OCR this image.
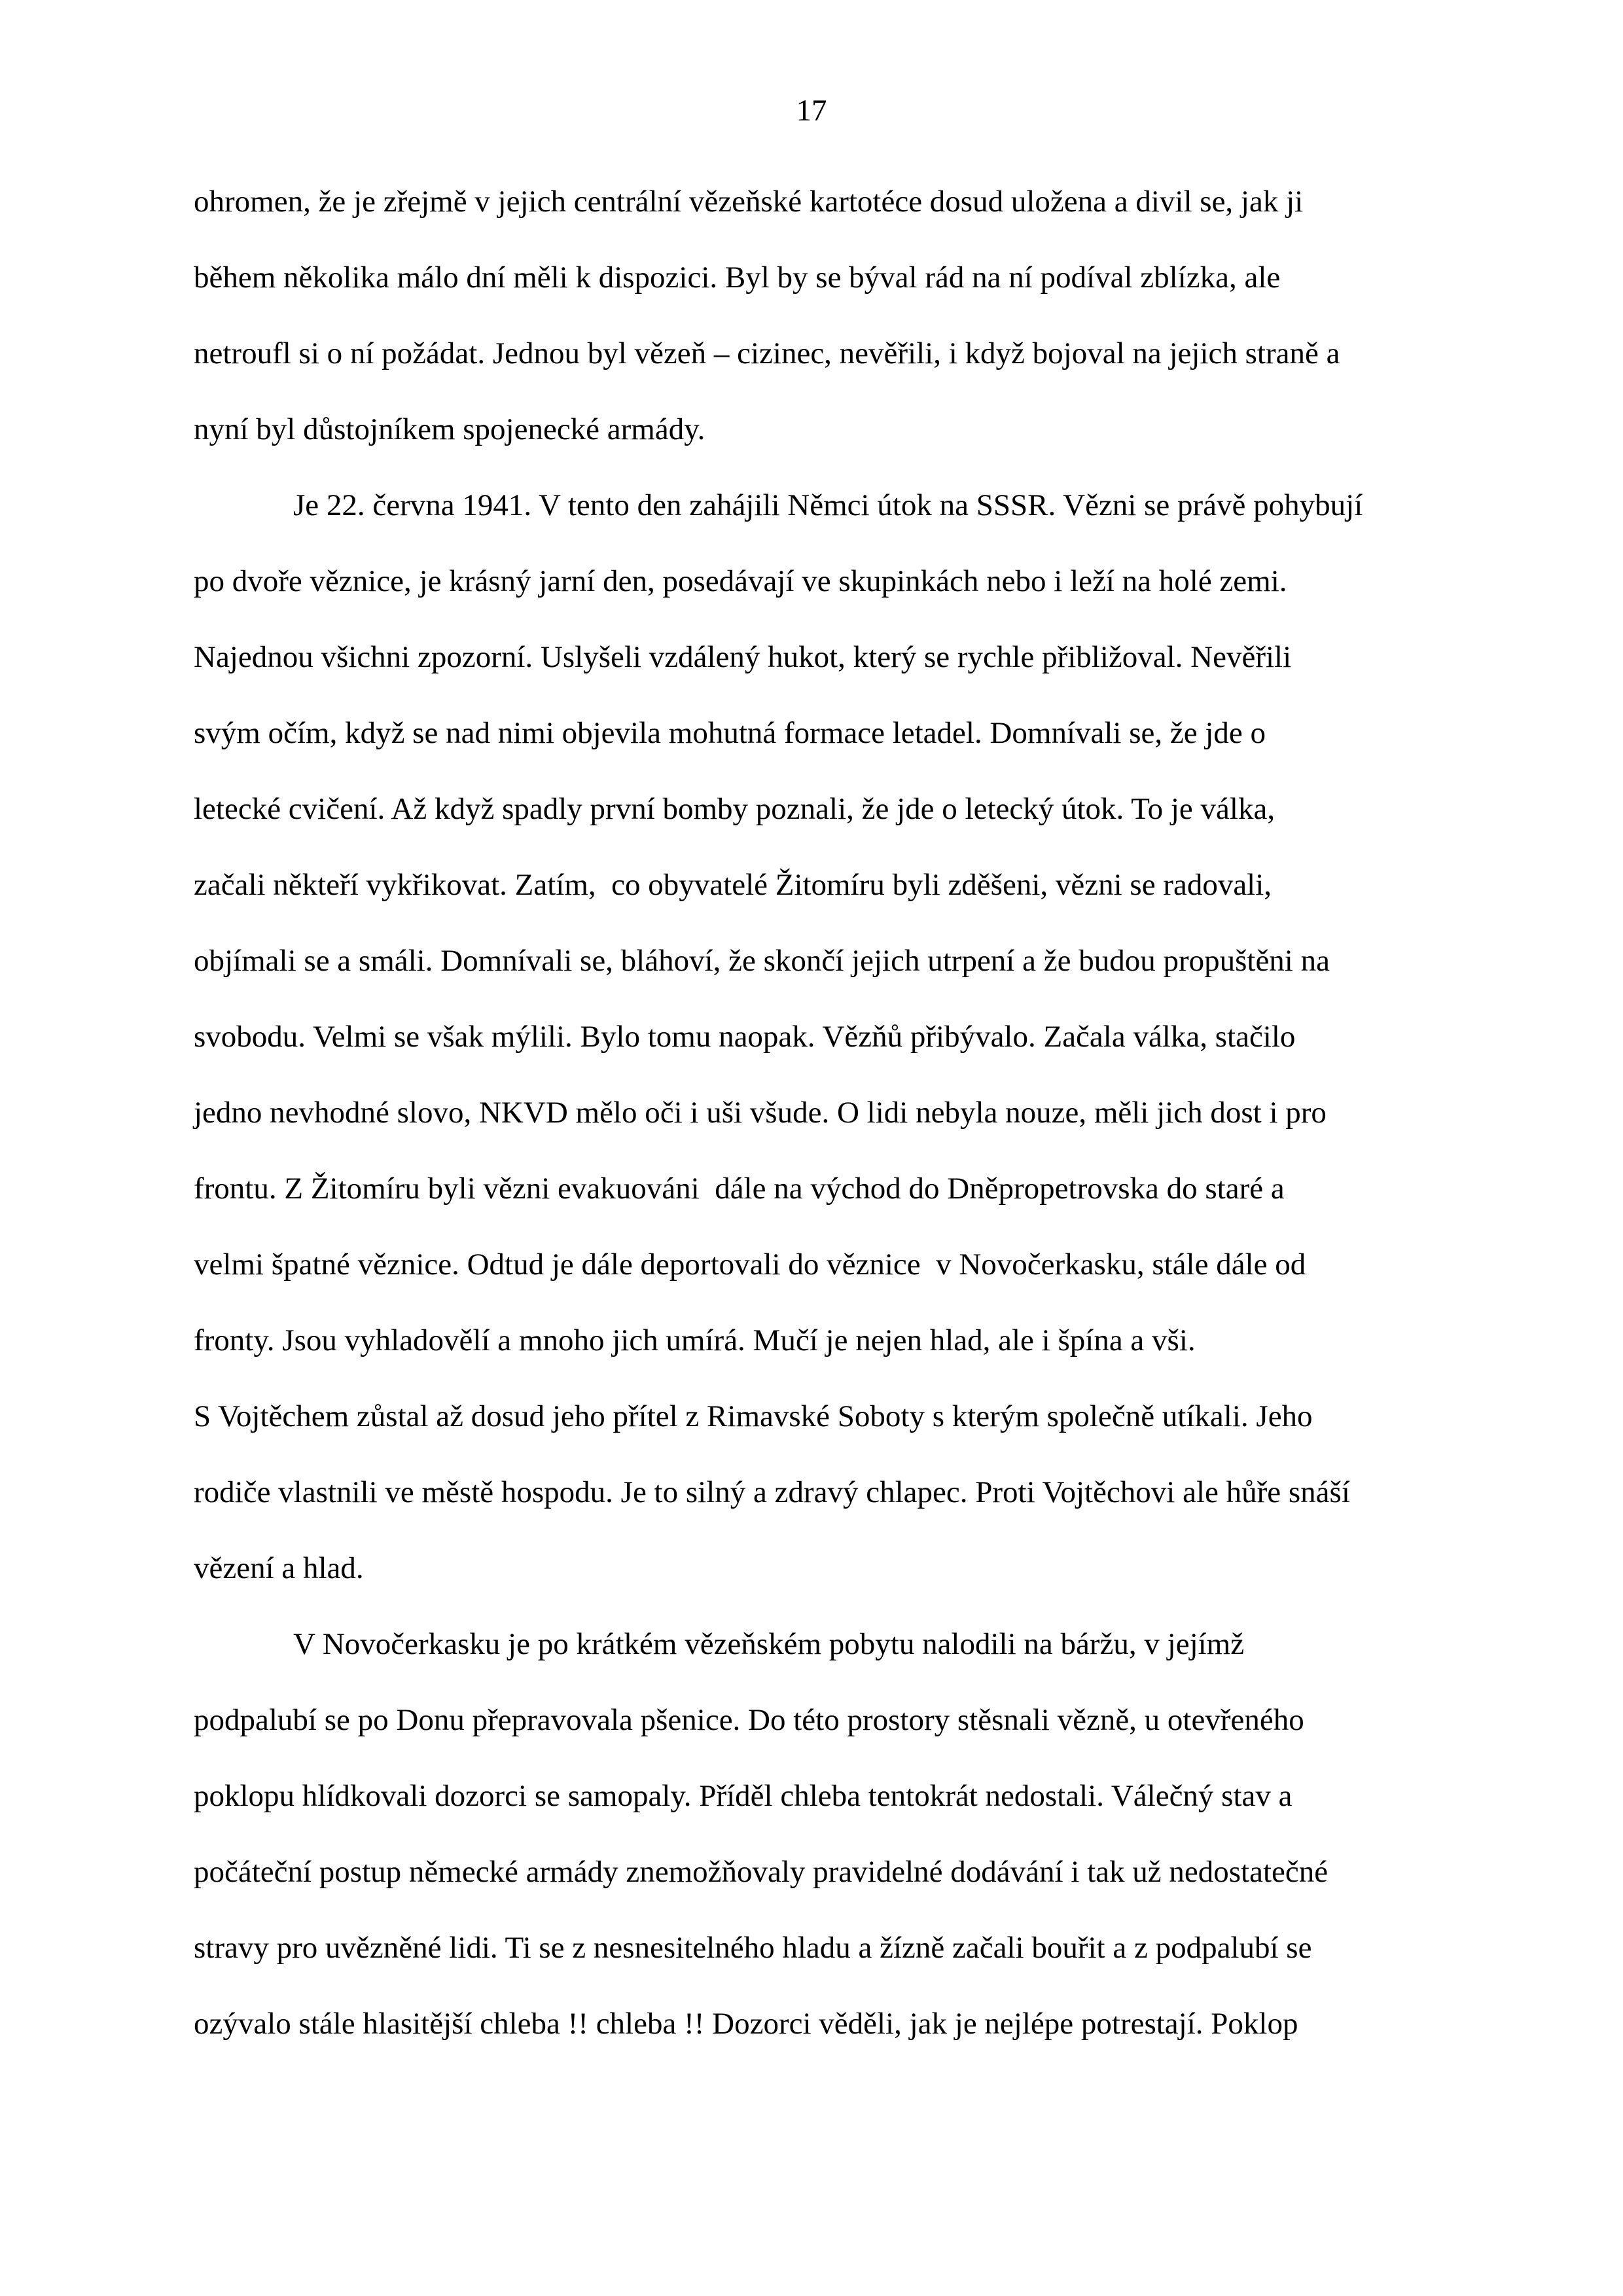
17
ohromen, že je zřejmě v jejich centrální vězeňské kartotéce dosud uložena a divil se, jak ji
během několika málo dní měli k dispozici. Byl by se býval rád na ní podíval zblízka, ale
netroufl si o ní požádat. Jednou byl vězeň – cizinec, nevěřili, i když bojoval na jejich straně a
nyní byl důstojníkem spojenecké armády.
Je 22. června 1941. V tento den zahájili Němci útok na SSSR. Vězni se právě pohybují
po dvoře věznice, je krásný jarní den, posedávají ve skupinkách nebo i leží na holé zemi.
Najednou všichni zpozorní. Uslyšeli vzdálený hukot, který se rychle přibližoval. Nevěřili
svým očím, když se nad nimi objevila mohutná formace letadel. Domnívali se, že jde o
letecké cvičení. Až když spadly první bomby poznali, že jde o letecký útok. To je válka,
začali někteří vykřikovat. Zatím,  co obyvatelé Žitomíru byli zděšeni, vězni se radovali,
objímali se a smáli. Domnívali se, bláhoví, že skončí jejich utrpení a že budou propuštěni na
svobodu. Velmi se však mýlili. Bylo tomu naopak. Vězňů přibývalo. Začala válka, stačilo
jedno nevhodné slovo, NKVD mělo oči i uši všude. O lidi nebyla nouze, měli jich dost i pro
frontu. Z Žitomíru byli vězni evakuováni  dále na východ do Dněpropetrovska do staré a
velmi špatné věznice. Odtud je dále deportovali do věznice  v Novočerkasku, stále dále od
fronty. Jsou vyhladovělí a mnoho jich umírá. Mučí je nejen hlad, ale i špína a vši.
S Vojtěchem zůstal až dosud jeho přítel z Rimavské Soboty s kterým společně utíkali. Jeho
rodiče vlastnili ve městě hospodu. Je to silný a zdravý chlapec. Proti Vojtěchovi ale hůře snáší
vězení a hlad.
V Novočerkasku je po krátkém vězeňském pobytu nalodili na báržu, v jejímž
podpalubí se po Donu přepravovala pšenice. Do této prostory stěsnali vězně, u otevřeného
poklopu hlídkovali dozorci se samopaly. Příděl chleba tentokrát nedostali. Válečný stav a
počáteční postup německé armády znemožňovaly pravidelné dodávání i tak už nedostatečné
stravy pro uvězněné lidi. Ti se z nesnesitelného hladu a žízně začali bouřit a z podpalubí se
ozývalo stále hlasitější chleba !! chleba !! Dozorci věděli, jak je nejlépe potrestají. Poklop
